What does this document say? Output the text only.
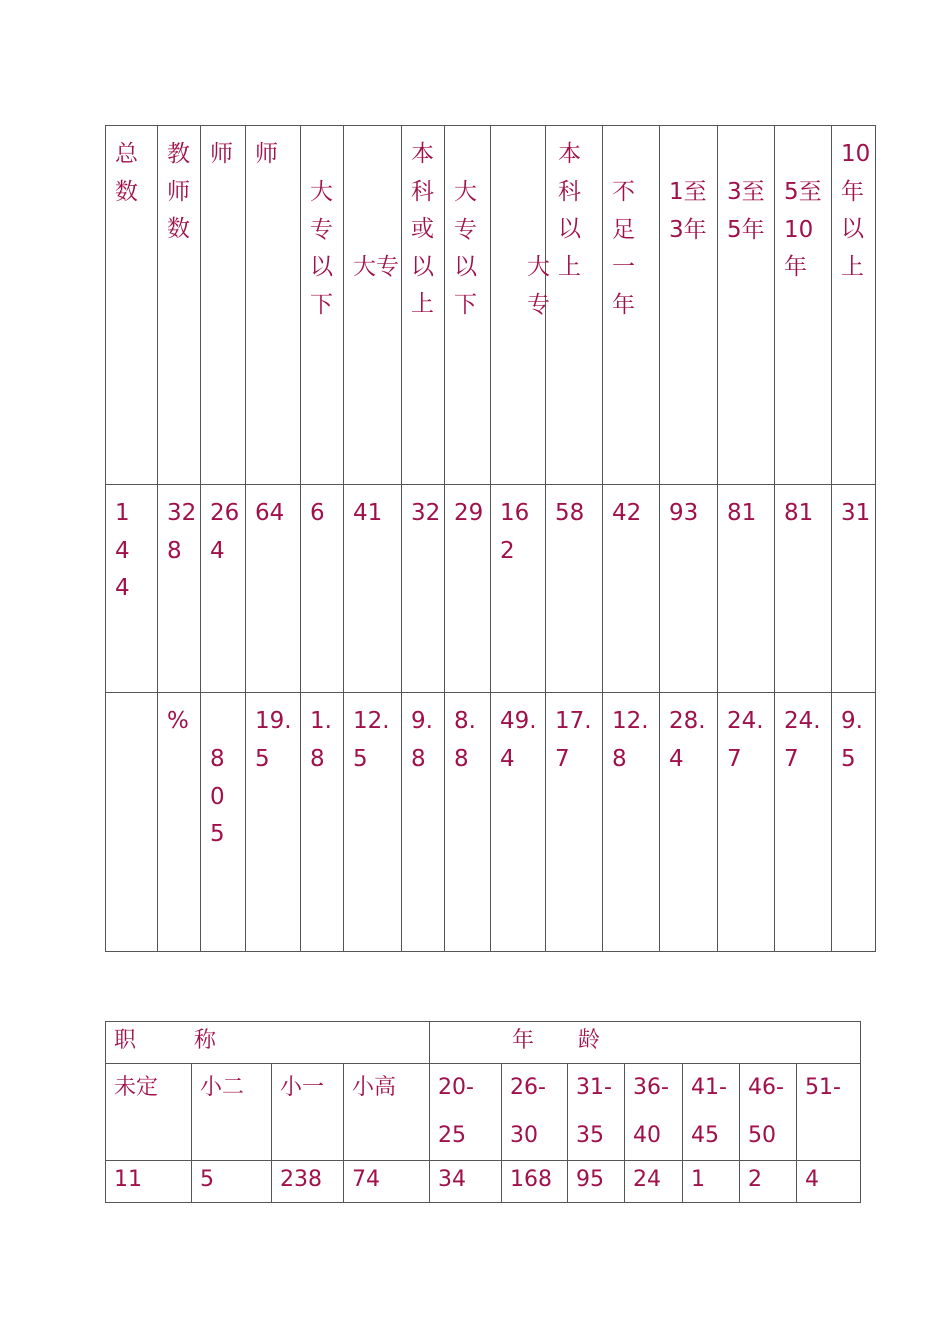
总数	教师数	师	师	大专以下	大专	本科或以上	大专以下	大专	本科以上	不足一年	1至3年	3至5年	5至10年	10年以上
144	328	264	64	6	41	32	29	162	58	42	93	81	81	31
	%	805	19.5	1.8	12.5	9.8	8.8	49.4	17.7	12.8	28.4	24.7	24.7	9.5
职称				年龄						
未定	小二	小一	小高	20-25	26-30	31-35	36-40	41-45	46-50	51-
11	5	238	74	34	168	95	24	1	2	4
